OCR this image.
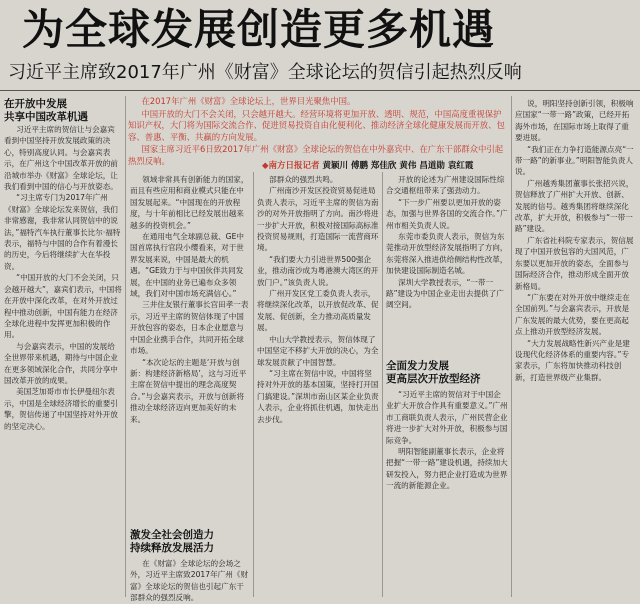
为全球发展创造更多机遇
习近平主席致2017年广州《财富》全球论坛的贺信引起热烈反响
在开放中发展
共享中国改革机遇

习近平主席的贺信让与会嘉宾看到中国坚持开放发展政策的决心，特别高度认同。与会嘉宾表示，在广州这个中国改革开放的前沿城市举办《财富》全球论坛，让我们看到中国的信心与开放姿态。

“习主席专门为2017年广州《财富》全球论坛发来贺信，我们非常感谢，我非常认同贺信中的说法，”福特汽车执行董事长比尔·福特表示，福特与中国的合作有着漫长的历史，今后将继续扩大在华投资。

“中国开放的大门不会关闭，只会越开越大”，嘉宾们表示，中国将在开放中深化改革，在对外开放过程中推动创新，中国有能力在经济全球化进程中发挥更加积极的作用。

与会嘉宾表示，中国的发展给全世界带来机遇，期待与中国企业在更多领域深化合作，共同分享中国改革开放的成果。

美国芝加哥市市长伊曼纽尔表示，中国是全球经济增长的重要引擎，贺信传递了中国坚持对外开放的坚定决心。

在2017年广州《财富》全球论坛上，世界目光聚焦中国。

中国开放的大门不会关闭，只会越开越大。经营环境将更加开放、透明、规范，中国高度重视保护知识产权，大门将为国际交流合作、促进贸易投资自由化便利化、推动经济全球化健康发展而开放、包容、普惠、平衡、共赢的方向发展。

国家主席习近平6日致2017年广州《财富》全球论坛的贺信在中外嘉宾中、在广东干部群众中引起热烈反响。

◆南方日报记者 黄颖川 傅鹏 郑佳欣 黄伟 昌道勋 袁红霞

领域非常具有创新能力的国家，而且有些应用和商业模式只能在中国发展起来。“中国现在的开放程度，与十年前相比已经发展出越来越多的投资机会。”

在通用电气全球副总裁、GE中国首席执行官段小缨看来，对于世界发展来说，中国是最大的机遇。“GE致力于与中国伙伴共同发展，在中国的业务已遍布众多领域，我们对中国市场充满信心。”

三井住友银行董事长宫田孝一表示，习近平主席的贺信体现了中国开放包容的姿态，日本企业愿意与中国企业携手合作，共同开拓全球市场。

“本次论坛的主题是‘开放与创新：构建经济新格局’，这与习近平主席在贺信中提出的理念高度契合。”与会嘉宾表示，开放与创新将推动全球经济迈向更加美好的未来。

激发全社会创造力
持续释放发展活力

在《财富》全球论坛的会场之外，习近平主席致2017年广州《财富》全球论坛的贺信也引起广东干部群众的强烈反响。

部群众的强烈共鸣。

广州南沙开发区投资贸易促进局负责人表示，习近平主席的贺信为南沙的对外开放指明了方向。南沙将进一步扩大开放，积极对接国际高标准投资贸易规则，打造国际一流营商环境。

“我们要大力引进世界500强企业，推动南沙成为粤港澳大湾区的开放门户。”该负责人说。

广州开发区党工委负责人表示，将继续深化改革，以开放促改革、促发展、促创新，全力推动高质量发展。

中山大学教授表示，贺信体现了中国坚定不移扩大开放的决心，为全球发展贡献了中国智慧。

“习主席在贺信中说，中国将坚持对外开放的基本国策，坚持打开国门搞建设。”深圳市南山区某企业负责人表示，企业将抓住机遇，加快走出去步伐。

开放的论述为广州建设国际性综合交通枢纽带来了强劲动力。

“下一步广州要以更加开放的姿态，加强与世界各国的交流合作。”广州市相关负责人说。

东莞市委负责人表示，贺信为东莞推动开放型经济发展指明了方向，东莞将深入推进供给侧结构性改革，加快建设国际制造名城。

深圳大学教授表示，“一带一路”建设为中国企业走出去提供了广阔空间。

全面发力发展
更高层次开放型经济

“习近平主席的贺信对于中国企业扩大开放合作具有重要意义。”广州市工商联负责人表示，广州民营企业将进一步扩大对外开放，积极参与国际竞争。

明阳智能副董事长表示，企业将把握“一带一路”建设机遇，持续加大研发投入，努力把企业打造成为世界一流的新能源企业。

说，明阳坚持创新引领，积极响应国家“一带一路”政策，已经开拓海外市场，在国际市场上取得了重要进展。

“我们正在力争打造能源点亮“一带一路”的新事业。”明阳智能负责人说。

广州越秀集团董事长张招兴说，贺信释放了广州扩大开放、创新、发展的信号。越秀集团将继续深化改革，扩大开放，积极参与“一带一路”建设。

广东省社科院专家表示，贺信展现了中国开放包容的大国风范，广东要以更加开放的姿态，全面参与国际经济合作，推动形成全面开放新格局。

“广东要在对外开放中继续走在全国前列。”与会嘉宾表示，开放是广东发展的最大优势，要在更高起点上推动开放型经济发展。

“大力发展战略性新兴产业是建设现代化经济体系的重要内容。”专家表示，广东将加快推动科技创新，打造世界级产业集群。
